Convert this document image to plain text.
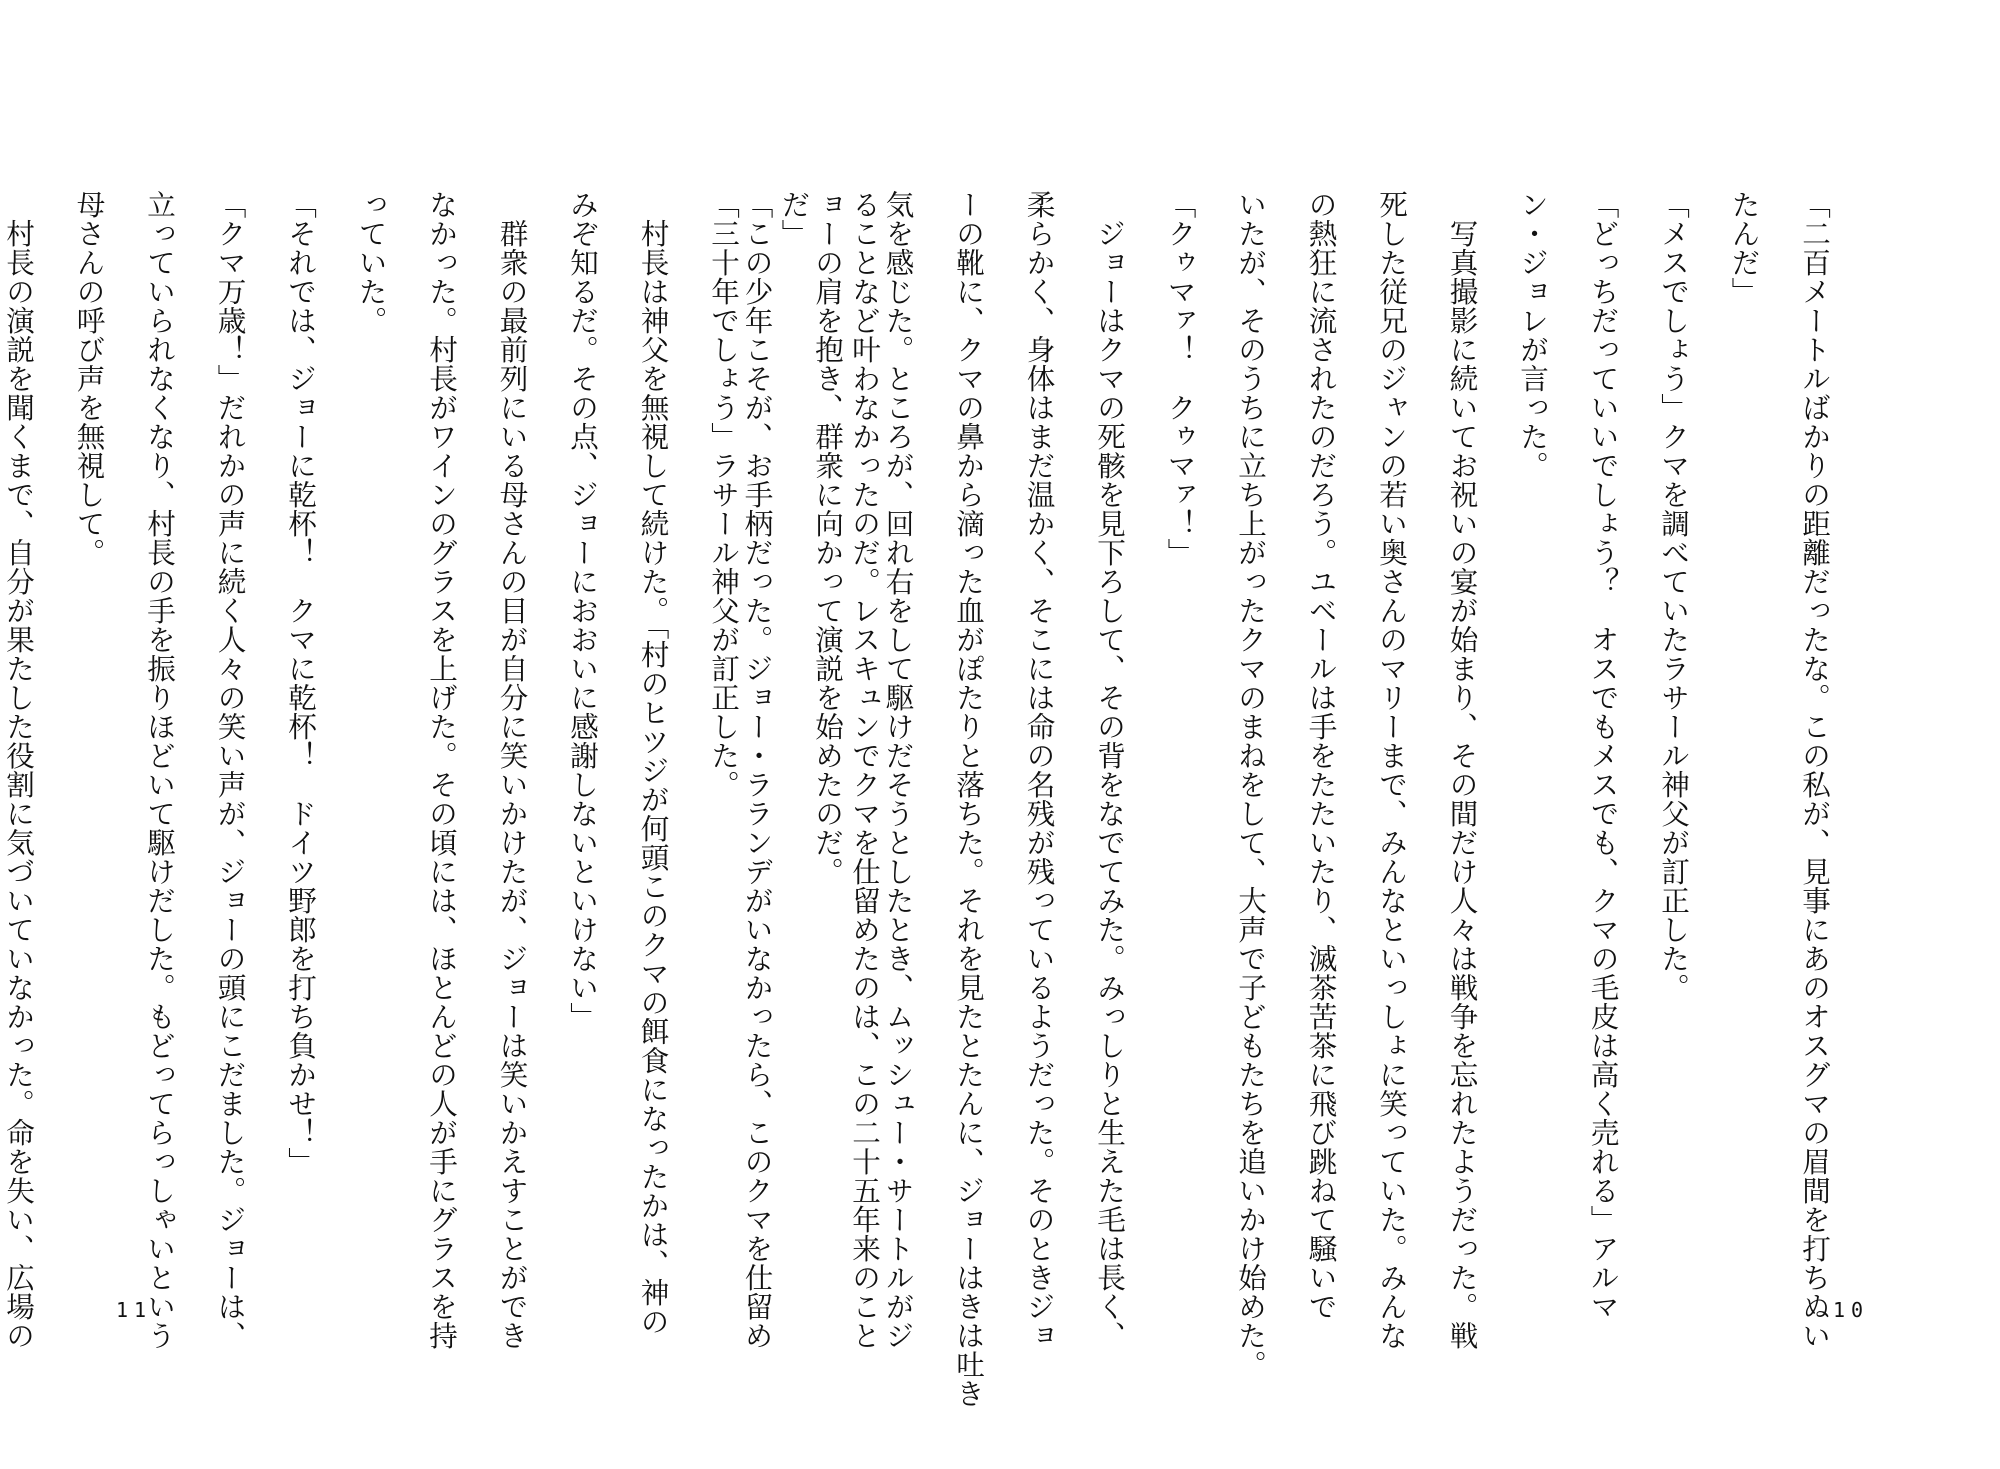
「二百メートルばかりの距離だったな。この私が、見事にあのオスグマの眉間を打ちぬい

たんだ」

「メスでしょう」クマを調べていたラサール神父が訂正した。

「どっちだっていいでしょう？　オスでもメスでも、クマの毛皮は高く売れる」アルマ

ン・ジョレが言った。

　写真撮影に続いてお祝いの宴が始まり、その間だけ人々は戦争を忘れたようだった。戦

死した従兄のジャンの若い奥さんのマリーまで、みんなといっしょに笑っていた。みんな

の熱狂に流されたのだろう。ユベールは手をたたいたり、滅茶苦茶に飛び跳ねて騒いで

いたが、そのうちに立ち上がったクマのまねをして、大声で子どもたちを追いかけ始めた。

「クゥマァ！　クゥマァ！」

　ジョーはクマの死骸を見下ろして、その背をなでてみた。みっしりと生えた毛は長く、

柔らかく、身体はまだ温かく、そこには命の名残が残っているようだった。そのときジョ

ーの靴に、クマの鼻から滴った血がぽたりと落ちた。それを見たとたんに、ジョーはきは吐き

気を感じた。ところが、回れ右をして駆けだそうとしたとき、ムッシュー・サートルがジ

ョーの肩を抱き、群衆に向かって演説を始めたのだ。

「この少年こそが、お手柄だった。ジョー・ラランデがいなかったら、このクマを仕留め	ることなど叶わなかったのだ。レスキュンでクマを仕留めたのは、この二十五年来のこと

だ」

「三十年でしょう」ラサール神父が訂正した。

　村長は神父を無視して続けた。「村のヒツジが何頭このクマの餌食になったかは、神の

みぞ知るだ。その点、ジョーにおおいに感謝しないといけない」

　群衆の最前列にいる母さんの目が自分に笑いかけたが、ジョーは笑いかえすことができ

なかった。村長がワインのグラスを上げた。その頃には、ほとんどの人が手にグラスを持

っていた。

「それでは、ジョーに乾杯！　クマに乾杯！　ドイツ野郎を打ち負かせ！」

「クマ万歳！」だれかの声に続く人々の笑い声が、ジョーの頭にこだました。ジョーは、

立っていられなくなり、村長の手を振りほどいて駆けだした。もどってらっしゃいという

母さんの呼び声を無視して。

　村長の演説を聞くまで、自分が果たした役割に気づいていなかった。命を失い、広場の	10
11
